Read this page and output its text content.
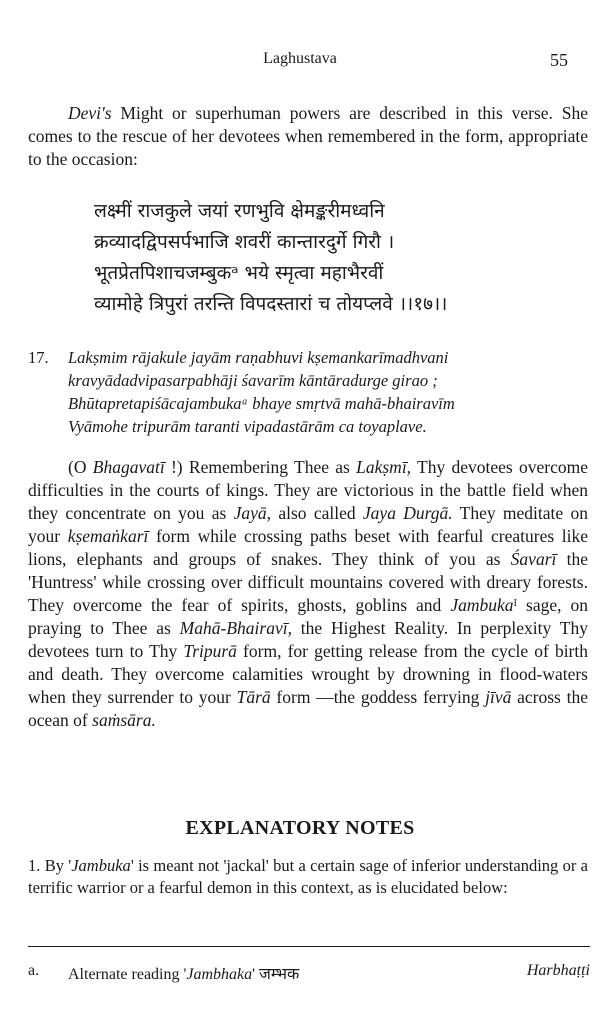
Laghustava	55

Devi's Might or superhuman powers are described in this verse. She comes to the rescue of her devotees when remembered in the form, appropriate to the occasion:

लक्ष्मीं राजकुले जयां रणभुवि क्षेमङ्करीमध्वनि
क्रव्यादद्विपसर्पभाजि शवरीं कान्तारदुर्गे गिरौ ।
भूतप्रेतपिशाचजम्बुकᵃ भये स्मृत्वा महाभैरवीं
व्यामोहे त्रिपुरां तरन्ति विपदस्तारां च तोयप्लवे ।।१७।।
17. Lakṣmim rājakule jayām raṇabhuvi kṣemankarīmadhvani
kravyādadvipasarpabhāji śavarīm kāntāradurge girao ;
Bhūtapretapiśācajambukaᵃ bhaye smṛtvā mahā-bhairavīm
Vyāmohe tripurām taranti vipadastārām ca toyaplave.

(O Bhagavatī !) Remembering Thee as Lakṣmī, Thy devotees overcome difficulties in the courts of kings. They are victorious in the battle field when they concentrate on you as Jayā, also called Jaya Durgā. They meditate on your kṣemaṅkarī form while crossing paths beset with fearful creatures like lions, elephants and groups of snakes. They think of you as Śavarī the 'Huntress' while crossing over difficult mountains covered with dreary forests. They overcome the fear of spirits, ghosts, goblins and Jambukaᴵ sage, on praying to Thee as Mahā-Bhairavī, the Highest Reality. In perplexity Thy devotees turn to Thy Tripurā form, for getting release from the cycle of birth and death. They overcome calamities wrought by drowning in flood-waters when they surrender to your Tārā form —the goddess ferrying jīvā across the ocean of saṁsāra.

EXPLANATORY NOTES

1. By 'Jambuka' is meant not 'jackal' but a certain sage of inferior understanding or a terrific warrior or a fearful demon in this context, as is elucidated below:

a. Alternate reading 'Jambhaka' जम्भक	Harbhaṭṭi
